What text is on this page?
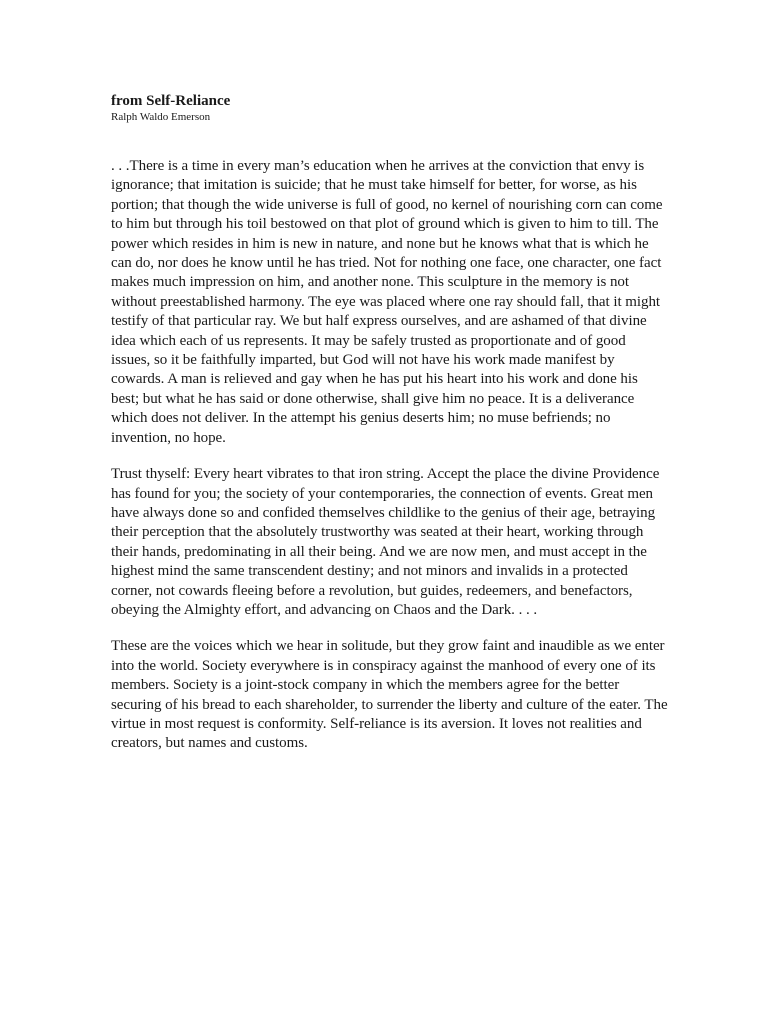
from Self-Reliance

Ralph Waldo Emerson

. . .There is a time in every man’s education when he arrives at the conviction that envy is ignorance; that imitation is suicide; that he must take himself for better, for worse, as his portion; that though the wide universe is full of good, no kernel of nourishing corn can come to him but through his toil bestowed on that plot of ground which is given to him to till. The power which resides in him is new in nature, and none but he knows what that is which he can do, nor does he know until he has tried. Not for nothing one face, one character, one fact makes much impression on him, and another none. This sculpture in the memory is not without preestablished harmony. The eye was placed where one ray should fall, that it might testify of that particular ray. We but half express ourselves, and are ashamed of that divine idea which each of us represents. It may be safely trusted as proportionate and of good issues, so it be faithfully imparted, but God will not have his work made manifest by cowards. A man is relieved and gay when he has put his heart into his work and done his best; but what he has said or done otherwise, shall give him no peace. It is a deliverance which does not deliver. In the attempt his genius deserts him; no muse befriends; no invention, no hope.

Trust thyself: Every heart vibrates to that iron string. Accept the place the divine Providence has found for you; the society of your contemporaries, the connection of events. Great men have always done so and confided themselves childlike to the genius of their age, betraying their perception that the absolutely trustworthy was seated at their heart, working through their hands, predominating in all their being. And we are now men, and must accept in the highest mind the same transcendent destiny; and not minors and invalids in a protected corner, not cowards fleeing before a revolution, but guides, redeemers, and benefactors, obeying the Almighty effort, and advancing on Chaos and the Dark. . . .

These are the voices which we hear in solitude, but they grow faint and inaudible as we enter into the world. Society everywhere is in conspiracy against the manhood of every one of its members. Society is a joint-stock company in which the members agree for the better securing of his bread to each shareholder, to surrender the liberty and culture of the eater. The virtue in most request is conformity. Self-reliance is its aversion. It loves not realities and creators, but names and customs.
